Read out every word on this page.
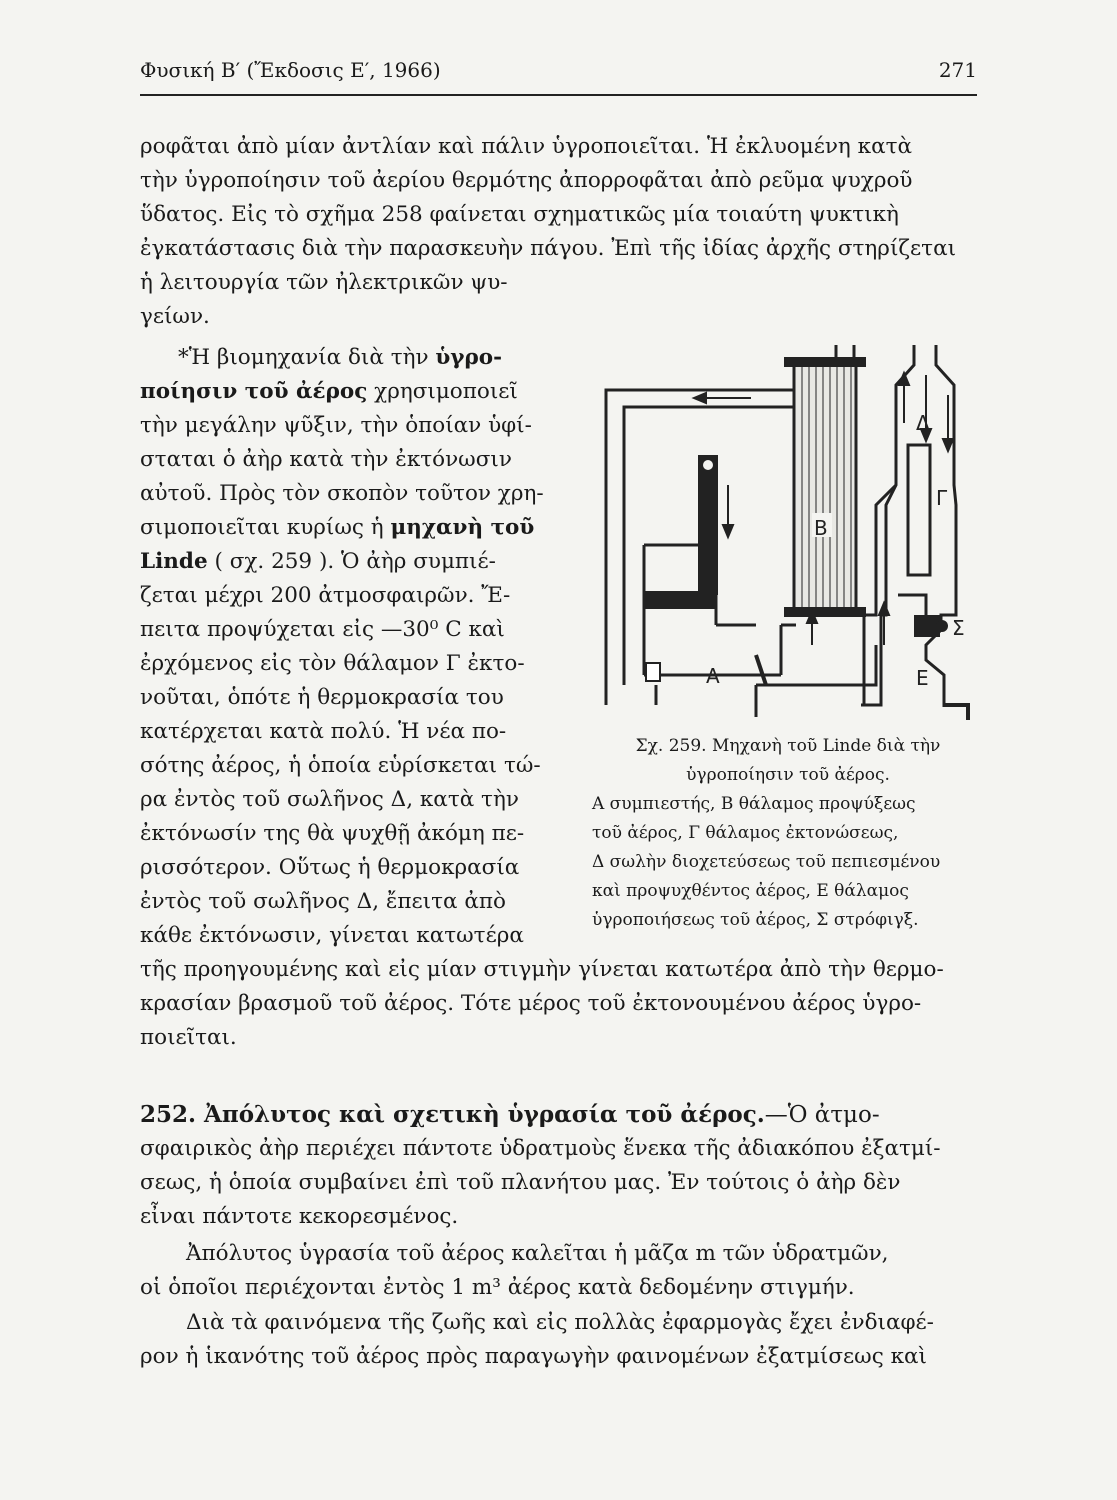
Φυσική Β′ (Ἔκδοσις Ε′, 1966)	271
ροφᾶται ἀπὸ μίαν ἀντλίαν καὶ πάλιν ὑγροποιεῖται. Ἡ ἐκλυομένη κατὰ
τὴν ὑγροποίησιν τοῦ ἀερίου θερμότης ἀπορροφᾶται ἀπὸ ρεῦμα ψυχροῦ
ὕδατος. Εἰς τὸ σχῆμα 258 φαίνεται σχηματικῶς μία τοιαύτη ψυκτικὴ
ἐγκατάστασις διὰ τὴν παρασκευὴν πάγου. Ἐπὶ τῆς ἰδίας ἀρχῆς στηρίζεται
ἡ λειτουργία τῶν ἠλεκτρικῶν ψυ-
γείων.
*Ἡ βιομηχανία διὰ τὴν ὑγρο-
ποίησιν τοῦ ἀέρος χρησιμοποιεῖ
τὴν μεγάλην ψῦξιν, τὴν ὁποίαν ὑφί-
σταται ὁ ἀὴρ κατὰ τὴν ἐκτόνωσιν
αὐτοῦ. Πρὸς τὸν σκοπὸν τοῦτον χρη-
σιμοποιεῖται κυρίως ἡ μηχανὴ τοῦ
Linde ( σχ. 259 ). Ὁ ἀὴρ συμπιέ-
ζεται μέχρι 200 ἀτμοσφαιρῶν. Ἔ-
πειτα προψύχεται εἰς —30⁰ C καὶ
ἐρχόμενος εἰς τὸν θάλαμον Γ ἐκτο-
νοῦται, ὁπότε ἡ θερμοκρασία του
κατέρχεται κατὰ πολύ. Ἡ νέα πο-
σότης ἀέρος, ἡ ὁποία εὑρίσκεται τώ-
ρα ἐντὸς τοῦ σωλῆνος Δ, κατὰ τὴν
ἐκτόνωσίν της θὰ ψυχθῇ ἀκόμη πε-
ρισσότερον. Οὕτως ἡ θερμοκρασία
ἐντὸς τοῦ σωλῆνος Δ, ἔπειτα ἀπὸ
κάθε ἐκτόνωσιν, γίνεται κατωτέρα
τῆς προηγουμένης καὶ εἰς μίαν στιγμὴν γίνεται κατωτέρα ἀπὸ τὴν θερμο-
κρασίαν βρασμοῦ τοῦ ἀέρος. Τότε μέρος τοῦ ἐκτονουμένου ἀέρος ὑγρο-
ποιεῖται.
B
A
Δ
Γ
Σ
E
Σχ. 259. Μηχανὴ τοῦ Linde διὰ τὴν
ὑγροποίησιν τοῦ ἀέρος.
Α συμπιεστής, Β θάλαμος προψύξεως
τοῦ ἀέρος, Γ θάλαμος ἐκτονώσεως,
Δ σωλὴν διοχετεύσεως τοῦ πεπιεσμένου
καὶ προψυχθέντος ἀέρος, Ε θάλαμος
ὑγροποιήσεως τοῦ ἀέρος, Σ στρόφιγξ.
252. Ἀπόλυτος καὶ σχετικὴ ὑγρασία τοῦ ἀέρος.—Ὁ ἀτμο-
σφαιρικὸς ἀὴρ περιέχει πάντοτε ὑδρατμοὺς ἕνεκα τῆς ἀδιακόπου ἐξατμί-
σεως, ἡ ὁποία συμβαίνει ἐπὶ τοῦ πλανήτου μας. Ἐν τούτοις ὁ ἀὴρ δὲν
εἶναι πάντοτε κεκορεσμένος.
Ἀπόλυτος ὑγρασία τοῦ ἀέρος καλεῖται ἡ μᾶζα m τῶν ὑδρατμῶν,
οἱ ὁποῖοι περιέχονται ἐντὸς 1 m³ ἀέρος κατὰ δεδομένην στιγμήν.
Διὰ τὰ φαινόμενα τῆς ζωῆς καὶ εἰς πολλὰς ἐφαρμογὰς ἔχει ἐνδιαφέ-
ρον ἡ ἱκανότης τοῦ ἀέρος πρὸς παραγωγὴν φαινομένων ἐξατμίσεως καὶ
